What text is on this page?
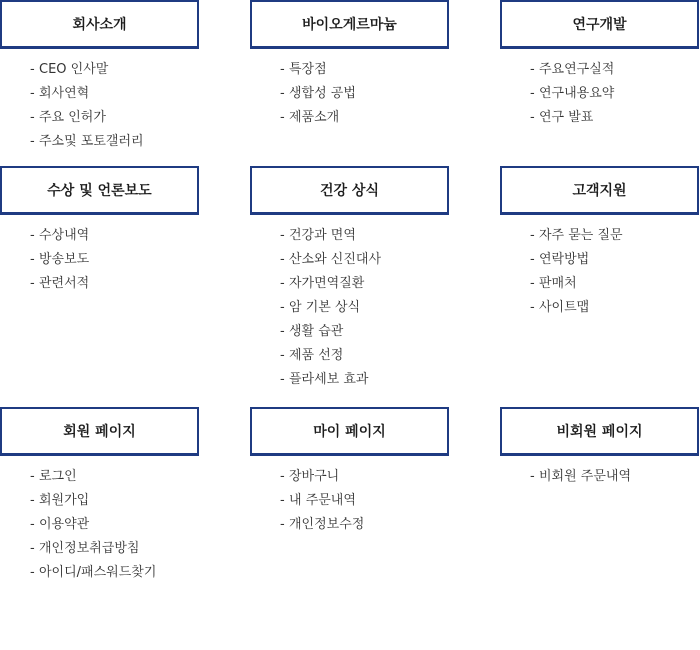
회사소개
- CEO 인사말
- 회사연혁
- 주요 인허가
- 주소및 포토갤러리
바이오게르마늄
- 특장점
- 생합성 공법
- 제품소개
연구개발
- 주요연구실적
- 연구내용요약
- 연구 발표
수상 및 언론보도
- 수상내역
- 방송보도
- 관련서적
건강 상식
- 건강과 면역
- 산소와 신진대사
- 자가면역질환
- 암 기본 상식
- 생활 습관
- 제품 선정
- 플라세보 효과
고객지원
- 자주 묻는 질문
- 연락방법
- 판매처
- 사이트맵
회원 페이지
- 로그인
- 회원가입
- 이용약관
- 개인정보취급방침
- 아이디/패스워드찾기
마이 페이지
- 장바구니
- 내 주문내역
- 개인정보수정
비회원 페이지
- 비회원 주문내역
